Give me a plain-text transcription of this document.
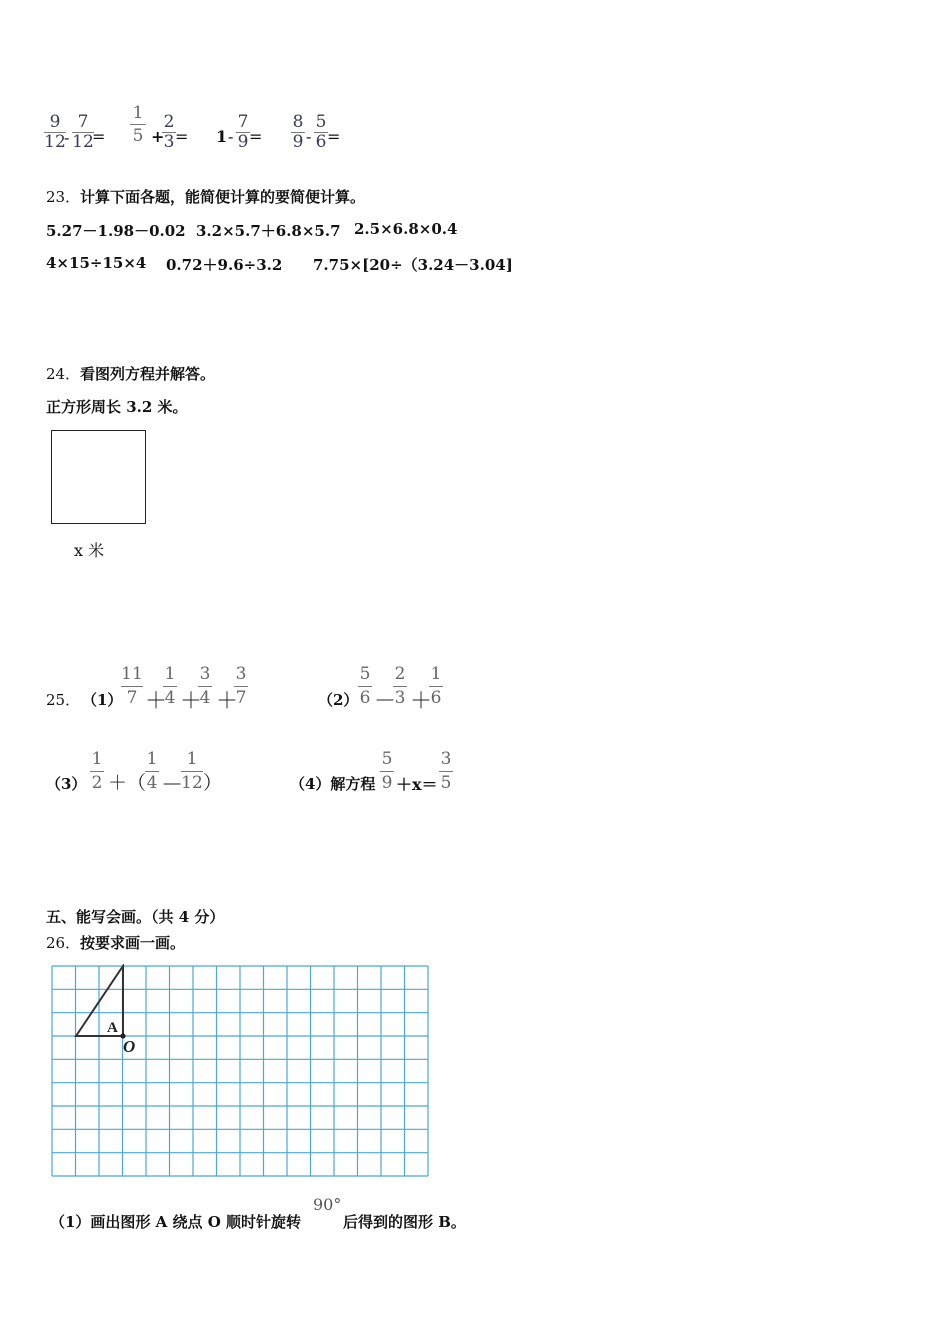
$\frac{9}{12}$
- $\frac{7}{12}$
= $\frac{1}{5}$ +
$\frac{2}{3} = 1 - \frac{7}{9} = \frac{8}{9} - \frac{5}{6}$ =
23． 计算下面各题，能简便计算的要简便计算。
5.27－1.98－0.02 3.2×5.7＋6.8×5.7 2.5×6.8×0.4
4×15÷15×4 0.72＋9.6÷3.2 7.75×[20÷（3.24－3.04]
24． 看图列方程并解答。
正方形周长 3.2 米。
x 米
25． （1）
$\frac{11}{7}$ ＋
$\frac{1}{4}$ ＋
$\frac{3}{4}$ ＋
$\frac{3}{7}$	$(2) \frac{5}{6}$ －
$\frac{2}{3}$ ＋
$\frac{1}{6}$
$(3) \frac{1}{2}$ ＋（
$\frac{1}{4}$ －
$\frac{1}{12}$ ）	（4）解方程 $\frac{5}{9} +x= \frac{3}{5}$
五、能写会画。（共 4 分）
26． 按要求画一画。
A
O
（1）画出图形 A 绕点 O 顺时针旋转
90°
后得到的图形 B。
